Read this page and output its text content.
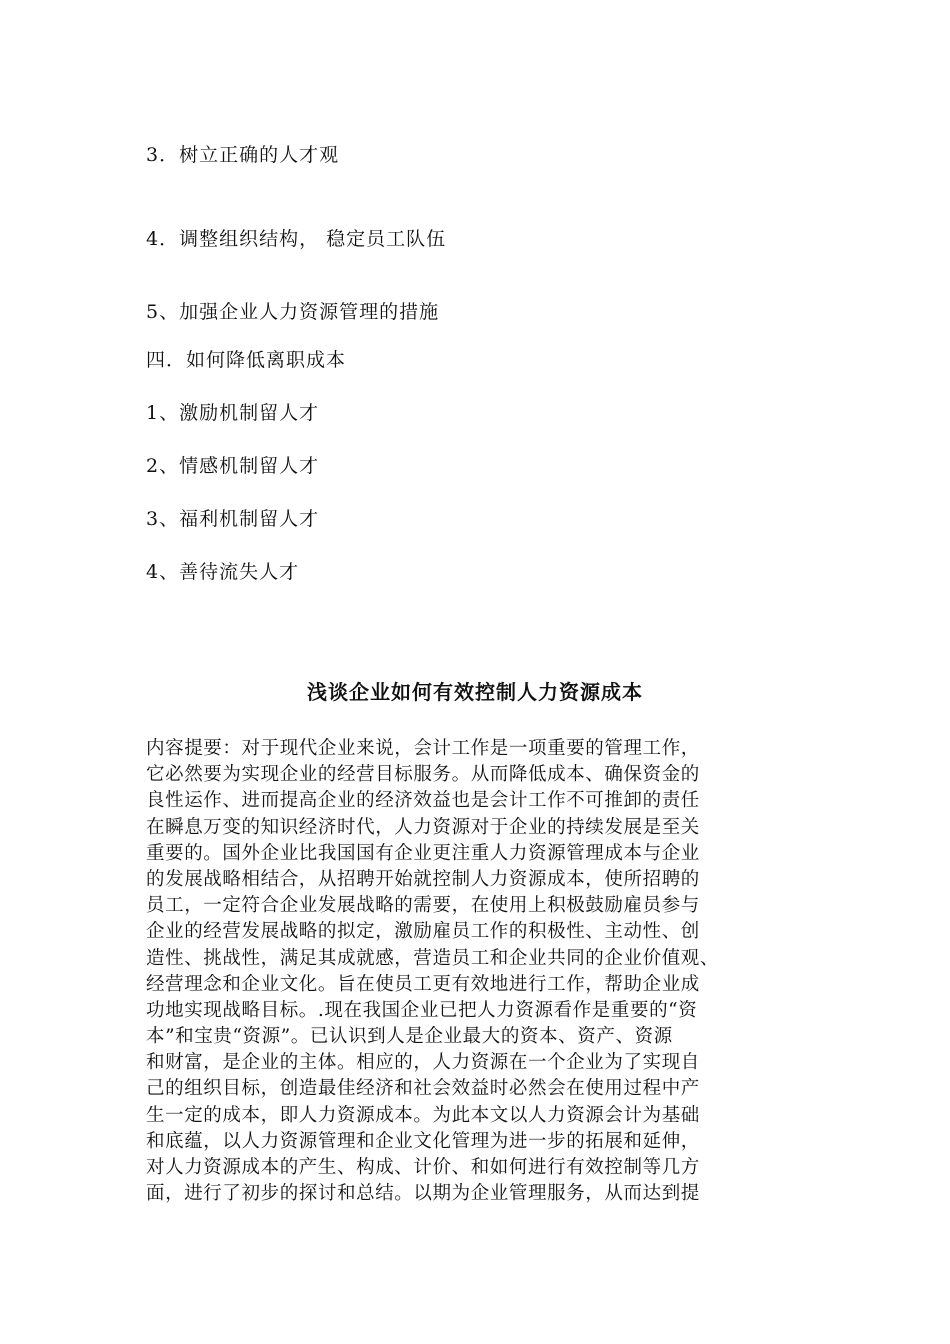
3．树立正确的人才观
4．调整组织结构， 稳定员工队伍
5、加强企业人力资源管理的措施
四．如何降低离职成本
1、激励机制留人才
2、情感机制留人才
3、福利机制留人才
4、善待流失人才
浅谈企业如何有效控制人力资源成本
内容提要：对于现代企业来说，会计工作是一项重要的管理工作，
它必然要为实现企业的经营目标服务。从而降低成本、确保资金的
良性运作、进而提高企业的经济效益也是会计工作不可推卸的责任
在瞬息万变的知识经济时代，人力资源对于企业的持续发展是至关
重要的。国外企业比我国国有企业更注重人力资源管理成本与企业
的发展战略相结合，从招聘开始就控制人力资源成本，使所招聘的
员工，一定符合企业发展战略的需要，在使用上积极鼓励雇员参与
企业的经营发展战略的拟定，激励雇员工作的积极性、主动性、创
造性、挑战性，满足其成就感，营造员工和企业共同的企业价值观、
经营理念和企业文化。旨在使员工更有效地进行工作，帮助企业成
功地实现战略目标。.现在我国企业已把人力资源看作是重要的“资
本”和宝贵“资源”。已认识到人是企业最大的资本、资产、资源
和财富，是企业的主体。相应的，人力资源在一个企业为了实现自
己的组织目标，创造最佳经济和社会效益时必然会在使用过程中产
生一定的成本，即人力资源成本。为此本文以人力资源会计为基础
和底蕴，以人力资源管理和企业文化管理为进一步的拓展和延伸，
对人力资源成本的产生、构成、计价、和如何进行有效控制等几方
面，进行了初步的探讨和总结。以期为企业管理服务，从而达到提
